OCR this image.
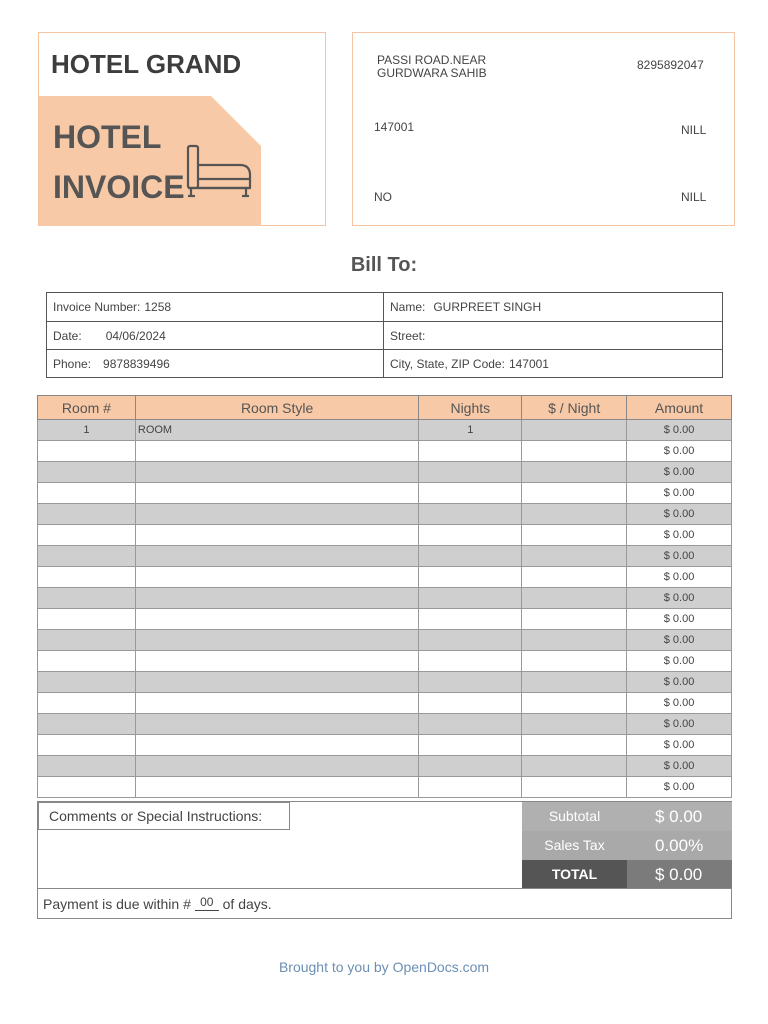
HOTEL GRAND
HOTEL
INVOICE
PASSI ROAD.NEAR GURDWARA SAHIB
8295892047
147001	NILL
NO	NILL
Bill To:
Invoice Number: 1258	Name: GURPREET SINGH
Date: 04/06/2024	Street:
Phone: 9878839496	City, State, ZIP Code: 147001
Room #	Room Style	Nights	$ / Night	Amount
1	ROOM	1		$ 0.00
				$ 0.00
				$ 0.00
				$ 0.00
				$ 0.00
				$ 0.00
				$ 0.00
				$ 0.00
				$ 0.00
				$ 0.00
				$ 0.00
				$ 0.00
				$ 0.00
				$ 0.00
				$ 0.00
				$ 0.00
				$ 0.00
				$ 0.00
Comments or Special Instructions:	Subtotal	$ 0.00
Sales Tax	0.00%
TOTAL	$ 0.00
Payment is due within # 00 of days.
Brought to you by OpenDocs.com
